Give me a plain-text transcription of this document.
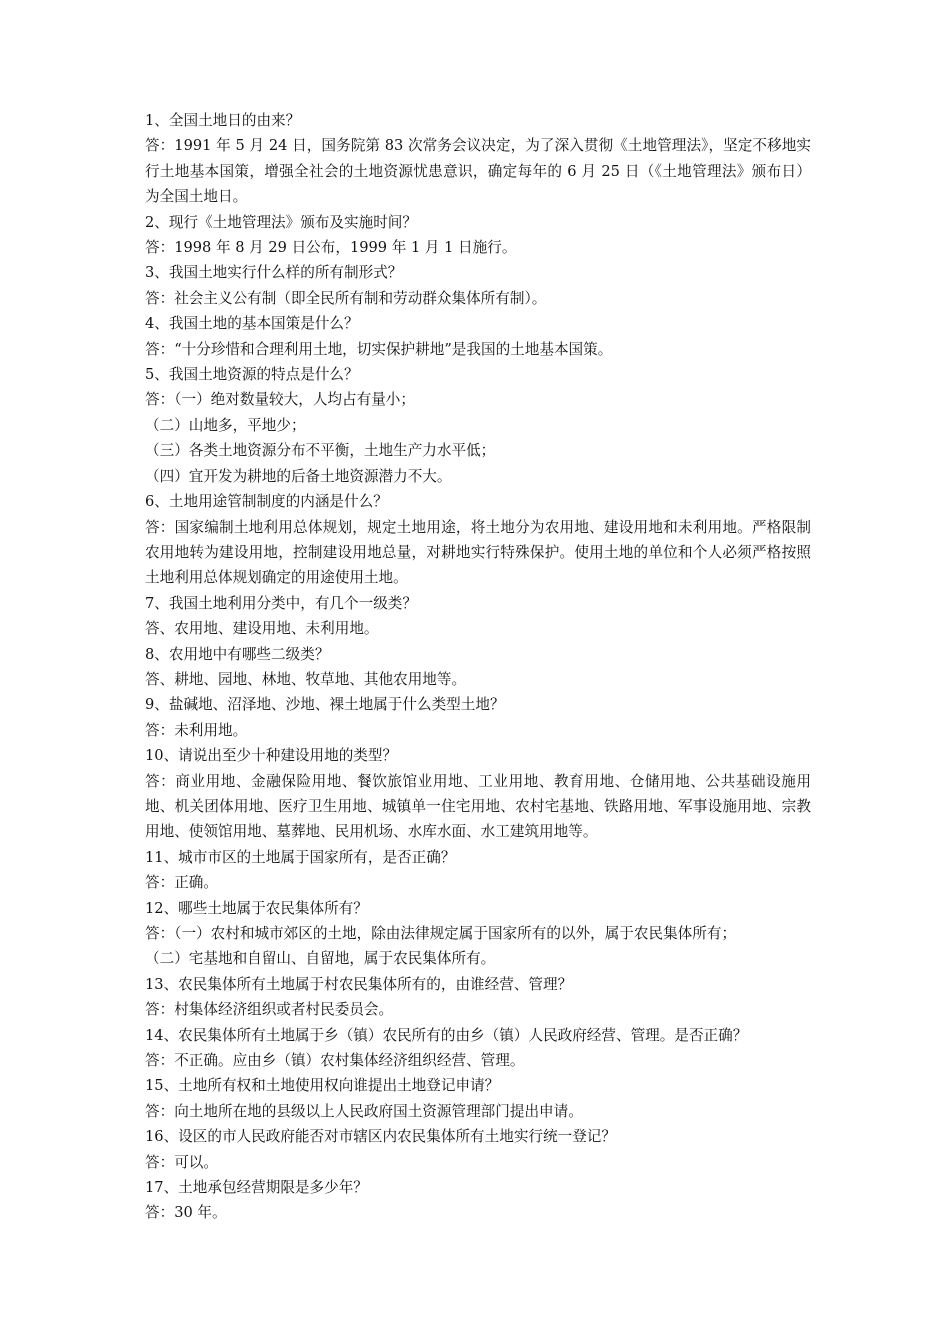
1、全国土地日的由来？
答：1991 年 5 月 24 日，国务院第 83 次常务会议决定，为了深入贯彻《土地管理法》，坚定不移地实行土地基本国策，增强全社会的土地资源忧患意识，确定每年的 6 月 25 日（《土地管理法》颁布日）为全国土地日。
2、现行《土地管理法》颁布及实施时间？
答：1998 年 8 月 29 日公布，1999 年 1 月 1 日施行。
3、我国土地实行什么样的所有制形式？
答：社会主义公有制（即全民所有制和劳动群众集体所有制）。
4、我国土地的基本国策是什么？
答：“十分珍惜和合理利用土地，切实保护耕地”是我国的土地基本国策。
5、我国土地资源的特点是什么？
答：（一）绝对数量较大，人均占有量小；
（二）山地多，平地少；
（三）各类土地资源分布不平衡，土地生产力水平低；
（四）宜开发为耕地的后备土地资源潜力不大。
6、土地用途管制制度的内涵是什么？
答：国家编制土地利用总体规划，规定土地用途，将土地分为农用地、建设用地和未利用地。严格限制农用地转为建设用地，控制建设用地总量，对耕地实行特殊保护。使用土地的单位和个人必须严格按照土地利用总体规划确定的用途使用土地。
7、我国土地利用分类中，有几个一级类？
答、农用地、建设用地、未利用地。
8、农用地中有哪些二级类？
答、耕地、园地、林地、牧草地、其他农用地等。
9、盐碱地、沼泽地、沙地、裸土地属于什么类型土地？
答：未利用地。
10、请说出至少十种建设用地的类型？
答：商业用地、金融保险用地、餐饮旅馆业用地、工业用地、教育用地、仓储用地、公共基础设施用地、机关团体用地、医疗卫生用地、城镇单一住宅用地、农村宅基地、铁路用地、军事设施用地、宗教用地、使领馆用地、墓葬地、民用机场、水库水面、水工建筑用地等。
11、城市市区的土地属于国家所有，是否正确？
答：正确。
12、哪些土地属于农民集体所有？
答：（一）农村和城市郊区的土地，除由法律规定属于国家所有的以外，属于农民集体所有；
（二）宅基地和自留山、自留地，属于农民集体所有。
13、农民集体所有土地属于村农民集体所有的，由谁经营、管理？
答：村集体经济组织或者村民委员会。
14、农民集体所有土地属于乡（镇）农民所有的由乡（镇）人民政府经营、管理。是否正确？
答：不正确。应由乡（镇）农村集体经济组织经营、管理。
15、土地所有权和土地使用权向谁提出土地登记申请？
答：向土地所在地的县级以上人民政府国土资源管理部门提出申请。
16、设区的市人民政府能否对市辖区内农民集体所有土地实行统一登记？
答：可以。
17、土地承包经营期限是多少年？
答：30 年。
